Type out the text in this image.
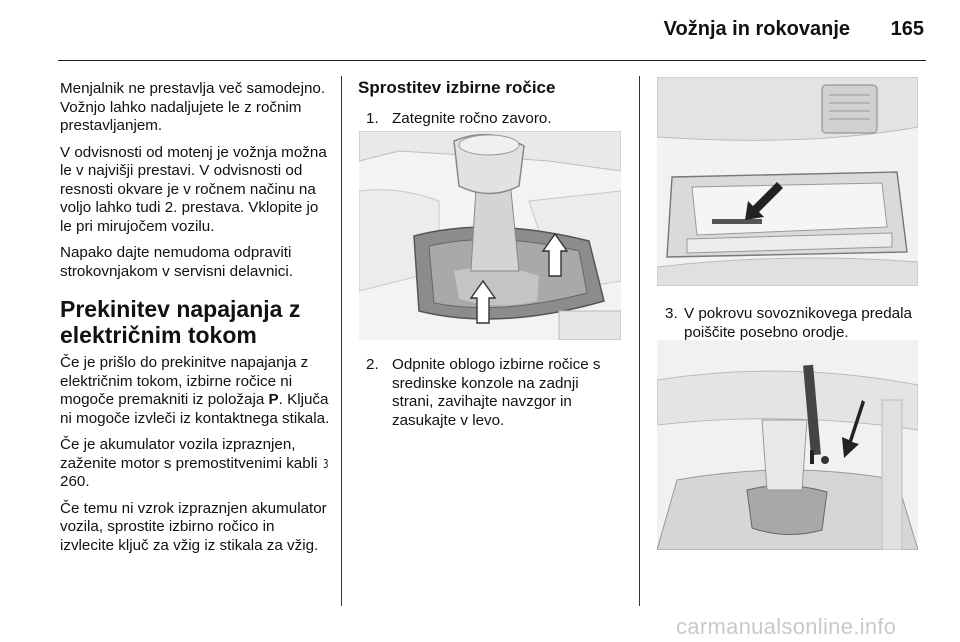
Vožnja in rokovanje	165

Menjalnik ne prestavlja več samodejno. Vožnjo lahko nadaljujete le z ročnim prestavljanjem.

V odvisnosti od motenj je vožnja možna le v najvišji prestavi. V odvisnosti od resnosti okvare je v ročnem načinu na voljo lahko tudi 2. prestava. Vklopite jo le pri mirujočem vozilu.

Napako dajte nemudoma odpraviti strokovnjakom v servisni delavnici.

Prekinitev napajanja z električnim tokom

Če je prišlo do prekinitve napajanja z električnim tokom, izbirne ročice ni mogoče premakniti iz položaja P. Ključa ni mogoče izvleči iz kontaktnega stikala.

Če je akumulator vozila izpraznjen, zaženite motor s premostitvenimi kabli 3 260.

Če temu ni vzrok izpraznjen akumulator vozila, sprostite izbirno ročico in izvlecite ključ za vžig iz stikala za vžig.

Sprostitev izbirne ročice
1. Zategnite ročno zavoro.
2. Odpnite oblogo izbirne ročice s sredinske konzole na zadnji strani, zavihajte navzgor in zasukajte v levo.
3. V pokrovu sovoznikovega predala poiščite posebno orodje.
carmanualsonline.info
